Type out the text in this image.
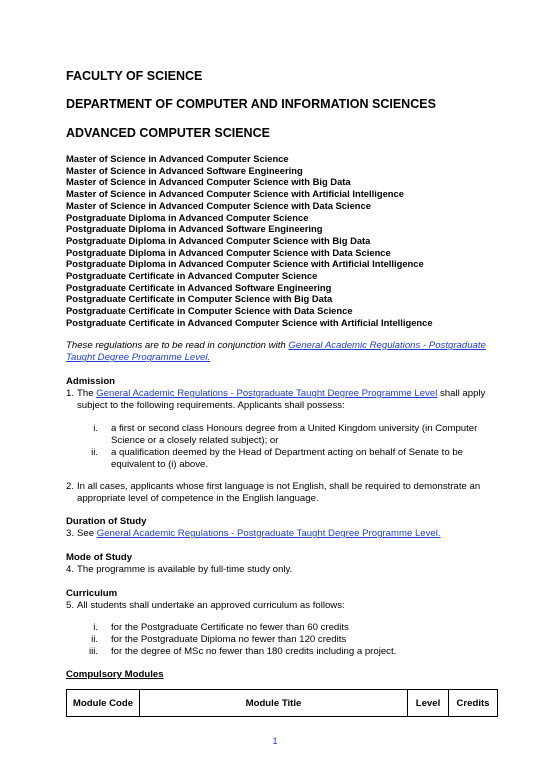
FACULTY OF SCIENCE
DEPARTMENT OF COMPUTER AND INFORMATION SCIENCES
ADVANCED COMPUTER SCIENCE
Master of Science in Advanced Computer Science
Master of Science in Advanced Software Engineering
Master of Science in Advanced Computer Science with Big Data
Master of Science in Advanced Computer Science with Artificial Intelligence
Master of Science in Advanced Computer Science with Data Science
Postgraduate Diploma in Advanced Computer Science
Postgraduate Diploma in Advanced Software Engineering
Postgraduate Diploma in Advanced Computer Science with Big Data
Postgraduate Diploma in Advanced Computer Science with Data Science
Postgraduate Diploma in Advanced Computer Science with Artificial Intelligence
Postgraduate Certificate in Advanced Computer Science
Postgraduate Certificate in Advanced Software Engineering
Postgraduate Certificate in Computer Science with Big Data
Postgraduate Certificate in Computer Science with Data Science
Postgraduate Certificate in Advanced Computer Science with Artificial Intelligence
These regulations are to be read in conjunction with General Academic Regulations - Postgraduate Taught Degree Programme Level.
Admission
1. The General Academic Regulations - Postgraduate Taught Degree Programme Level shall apply subject to the following requirements. Applicants shall possess:
i. a first or second class Honours degree from a United Kingdom university (in Computer Science or a closely related subject); or
ii. a qualification deemed by the Head of Department acting on behalf of Senate to be equivalent to (i) above.
2. In all cases, applicants whose first language is not English, shall be required to demonstrate an appropriate level of competence in the English language.
Duration of Study
3. See General Academic Regulations - Postgraduate Taught Degree Programme Level.
Mode of Study
4. The programme is available by full-time study only.
Curriculum
5. All students shall undertake an approved curriculum as follows:
i. for the Postgraduate Certificate no fewer than 60 credits
ii. for the Postgraduate Diploma no fewer than 120 credits
iii. for the degree of MSc no fewer than 180 credits including a project.
Compulsory Modules
Module Code	Module Title	Level	Credits
1
